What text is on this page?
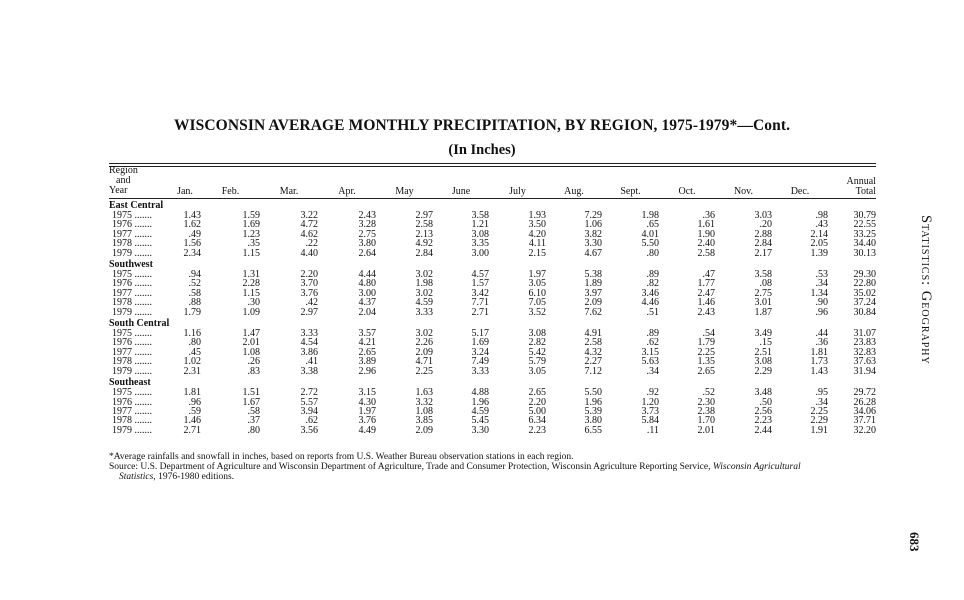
WISCONSIN AVERAGE MONTHLY PRECIPITATION, BY REGION, 1975-1979*—Cont.
(In Inches)
Region
and
Year	Jan.	Feb.	Mar.	Apr.	May	June	July	Aug.	Sept.	Oct.	Nov.	Dec.	Annual
Total
East Central													
1975 .......	1.43	1.59	3.22	2.43	2.97	3.58	1.93	7.29	1.98	.36	3.03	.98	30.79
1976 .......	1.62	1.69	4.72	3.28	2.58	1.21	3.50	1.06	.65	1.61	.20	.43	22.55
1977 .......	.49	1.23	4.62	2.75	2.13	3.08	4.20	3.82	4.01	1.90	2.88	2.14	33.25
1978 .......	1.56	.35	.22	3.80	4.92	3.35	4.11	3.30	5.50	2.40	2.84	2.05	34.40
1979 .......	2.34	1.15	4.40	2.64	2.84	3.00	2.15	4.67	.80	2.58	2.17	1.39	30.13
Southwest													
1975 .......	.94	1.31	2.20	4.44	3.02	4.57	1.97	5.38	.89	.47	3.58	.53	29.30
1976 .......	.52	2.28	3.70	4.80	1.98	1.57	3.05	1.89	.82	1.77	.08	.34	22.80
1977 .......	.58	1.15	3.76	3.00	3.02	3.42	6.10	3.97	3.46	2.47	2.75	1.34	35.02
1978 .......	.88	.30	.42	4.37	4.59	7.71	7.05	2.09	4.46	1.46	3.01	.90	37.24
1979 .......	1.79	1.09	2.97	2.04	3.33	2.71	3.52	7.62	.51	2.43	1.87	.96	30.84
South Central													
1975 .......	1.16	1.47	3.33	3.57	3.02	5.17	3.08	4.91	.89	.54	3.49	.44	31.07
1976 .......	.80	2.01	4.54	4.21	2.26	1.69	2.82	2.58	.62	1.79	.15	.36	23.83
1977 .......	.45	1.08	3.86	2.65	2.09	3.24	5.42	4.32	3.15	2.25	2.51	1.81	32.83
1978 .......	1.02	.26	.41	3.89	4.71	7.49	5.79	2.27	5.63	1.35	3.08	1.73	37.63
1979 .......	2.31	.83	3.38	2.96	2.25	3.33	3.05	7.12	.34	2.65	2.29	1.43	31.94
Southeast													
1975 .......	1.81	1.51	2.72	3.15	1.63	4.88	2.65	5.50	.92	.52	3.48	.95	29.72
1976 .......	.96	1.67	5.57	4.30	3.32	1.96	2.20	1.96	1.20	2.30	.50	.34	26.28
1977 .......	.59	.58	3.94	1.97	1.08	4.59	5.00	5.39	3.73	2.38	2.56	2.25	34.06
1978 .......	1.46	.37	.62	3.76	3.85	5.45	6.34	3.80	5.84	1.70	2.23	2.29	37.71
1979 .......	2.71	.80	3.56	4.49	2.09	3.30	2.23	6.55	.11	2.01	2.44	1.91	32.20
*Average rainfalls and snowfall in inches, based on reports from U.S. Weather Bureau observation stations in each region.
Source: U.S. Department of Agriculture and Wisconsin Department of Agriculture, Trade and Consumer Protection, Wisconsin Agriculture Reporting Service, Wisconsin Agricultural
Statistics, 1976-1980 editions.
Statistics: Geography
683
